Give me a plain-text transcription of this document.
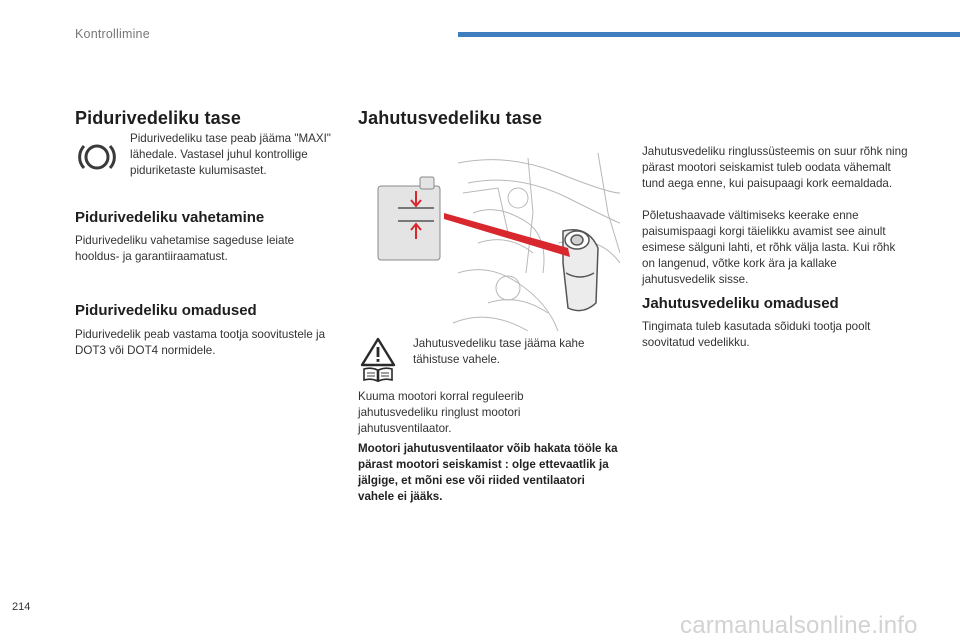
Kontrollimine
Pidurivedeliku tase

Pidurivedeliku tase peab jääma "MAXI" lähedale. Vastasel juhul kontrollige piduriketaste kulumisastet.

Pidurivedeliku vahetamine

Pidurivedeliku vahetamise sageduse leiate hooldus- ja garantiiraamatust.

Pidurivedeliku omadused

Pidurivedelik peab vastama tootja soovitustele ja DOT3 või DOT4 normidele.

Jahutusvedeliku tase

Jahutusvedeliku tase jääma kahe tähistuse vahele.

Kuuma mootori korral reguleerib jahutusvedeliku ringlust mootori jahutusventilaator.

Mootori jahutusventilaator võib hakata tööle ka pärast mootori seiskamist : olge ettevaatlik ja jälgige, et mõni ese või riided ventilaatori vahele ei jääks.

Jahutusvedeliku ringlussüsteemis on suur rõhk ning pärast mootori seiskamist tuleb oodata vähemalt tund aega enne, kui paisupaagi kork eemaldada.

Põletushaavade vältimiseks keerake enne paisumispaagi korgi täielikku avamist see ainult esimese sälguni lahti, et rõhk välja lasta. Kui rõhk on langenud, võtke kork ära ja kallake jahutusvedelik sisse.

Jahutusvedeliku omadused

Tingimata tuleb kasutada sõiduki tootja poolt soovitatud vedelikku.

214
carmanualsonline.info
